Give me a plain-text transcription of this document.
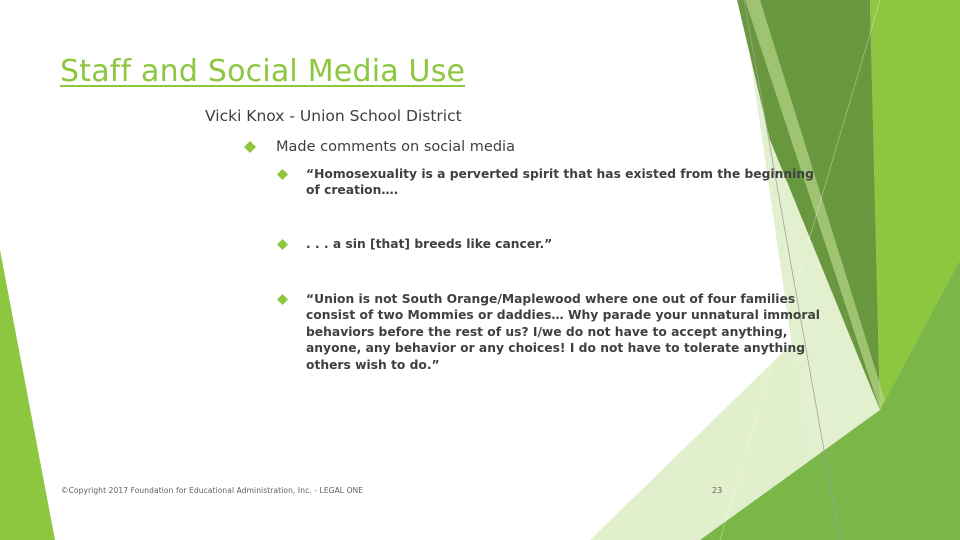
Staff and Social Media Use
Vicki Knox - Union School District
Made comments on social media
“Homosexuality is a perverted spirit that has existed from the beginning of creation….
. . . a sin [that] breeds like cancer.”
“Union is not South Orange/Maplewood where one out of four families consist of two Mommies or daddies… Why parade your unnatural immoral behaviors before the rest of us? I/we do not have to accept anything, anyone, any behavior or any choices! I do not have to tolerate anything others wish to do.”
©Copyright 2017 Foundation for Educational Administration, Inc. - LEGAL ONE	23
